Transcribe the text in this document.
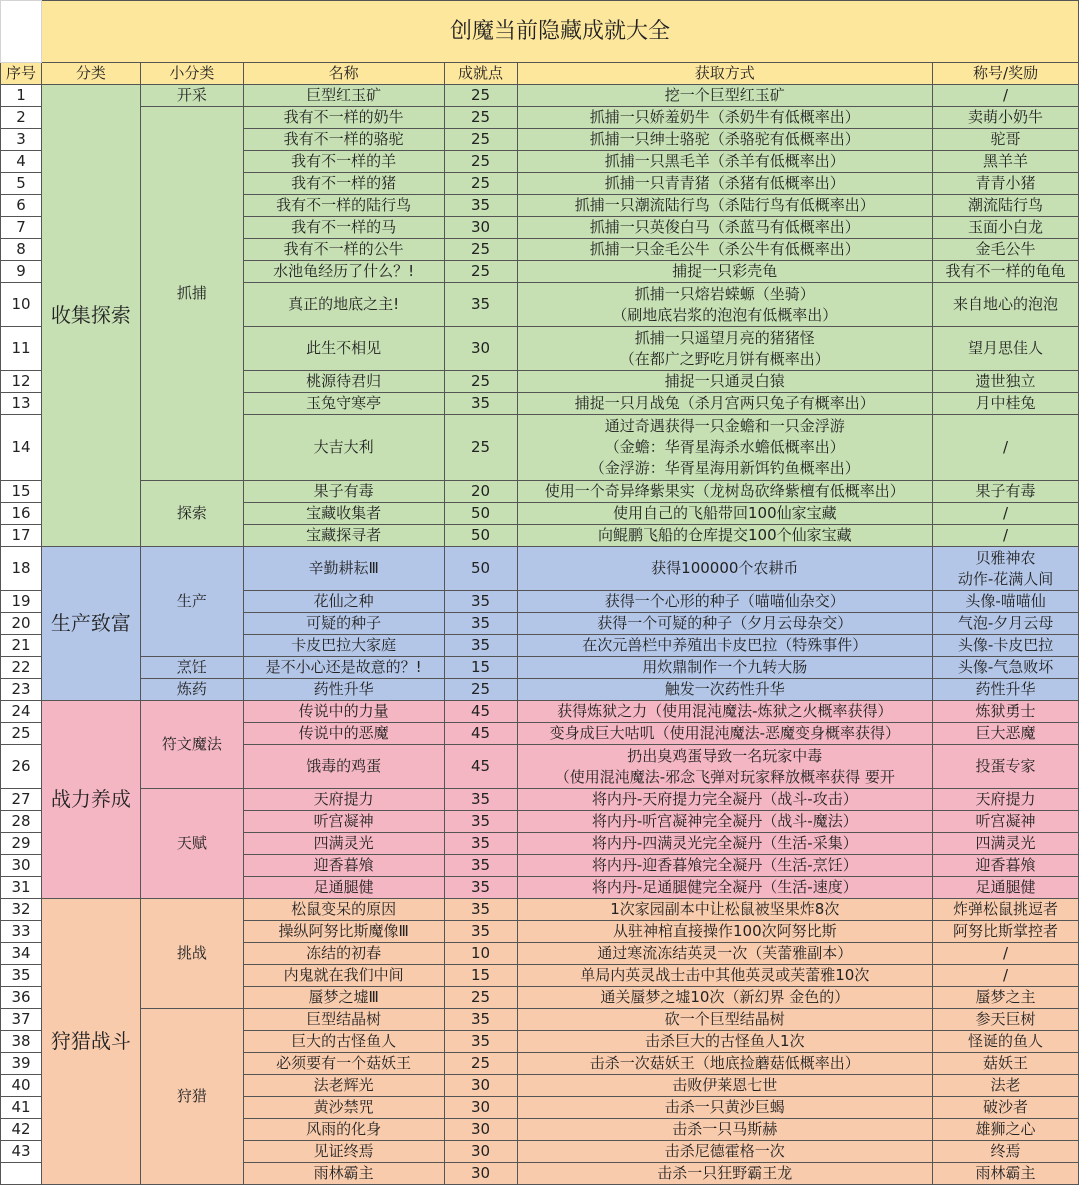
	创魔当前隐藏成就大全					
序号	分类	小分类	名称	成就点	获取方式	称号/奖励
1	收集探索	开采	巨型红玉矿	25	挖一个巨型红玉矿	/
2		抓捕	我有不一样的奶牛	25	抓捕一只娇羞奶牛（杀奶牛有低概率出）	卖萌小奶牛
3			我有不一样的骆驼	25	抓捕一只绅士骆驼（杀骆驼有低概率出）	驼哥
4			我有不一样的羊	25	抓捕一只黑毛羊（杀羊有低概率出）	黑羊羊
5			我有不一样的猪	25	抓捕一只青青猪（杀猪有低概率出）	青青小猪
6			我有不一样的陆行鸟	35	抓捕一只潮流陆行鸟（杀陆行鸟有低概率出）	潮流陆行鸟
7			我有不一样的马	30	抓捕一只英俊白马（杀蓝马有低概率出）	玉面小白龙
8			我有不一样的公牛	25	抓捕一只金毛公牛（杀公牛有低概率出）	金毛公牛
9			水池龟经历了什么？!	25	捕捉一只彩壳龟	我有不一样的龟龟
10			真正的地底之主!	35	抓捕一只熔岩蝾螈（坐骑）
（刷地底岩浆的泡泡有低概率出）	来自地心的泡泡
11			此生不相见	30	抓捕一只遥望月亮的猪猪怪
（在都广之野吃月饼有概率出）	望月思佳人
12			桃源待君归	25	捕捉一只通灵白猿	遗世独立
13			玉兔守寒亭	35	捕捉一只月战兔（杀月宫两只兔子有概率出）	月中桂兔
14			大吉大利	25	通过奇遇获得一只金蟾和一只金浮游
（金蟾：华胥星海杀水蟾低概率出）
（金浮游：华胥星海用新饵钓鱼概率出）	/
15		探索	果子有毒	20	使用一个奇异绛紫果实（龙树岛砍绛紫檀有低概率出）	果子有毒
16			宝藏收集者	50	使用自己的飞船带回100仙家宝藏	/
17			宝藏探寻者	50	向鲲鹏飞船的仓库提交100个仙家宝藏	/
18	生产致富	生产	辛勤耕耘Ⅲ	50	获得100000个农耕币	贝雅神农
动作-花满人间
19			花仙之种	35	获得一个心形的种子（喵喵仙杂交）	头像-喵喵仙
20			可疑的种子	35	获得一个可疑的种子（夕月云母杂交）	气泡-夕月云母
21			卡皮巴拉大家庭	35	在次元兽栏中养殖出卡皮巴拉（特殊事件）	头像-卡皮巴拉
22		烹饪	是不小心还是故意的？!	15	用炊鼎制作一个九转大肠	头像-气急败坏
23		炼药	药性升华	25	触发一次药性升华	药性升华
24	战力养成	符文魔法	传说中的力量	45	获得炼狱之力（使用混沌魔法-炼狱之火概率获得）	炼狱勇士
25			传说中的恶魔	45	变身成巨大咕叽（使用混沌魔法-恶魔变身概率获得）	巨大恶魔
26			饿毒的鸡蛋	45	扔出臭鸡蛋导致一名玩家中毒
（使用混沌魔法-邪念飞弹对玩家释放概率获得 要开	投蛋专家
27		天赋	天府提力	35	将内丹-天府提力完全凝丹（战斗-攻击）	天府提力
28			听宫凝神	35	将内丹-听宫凝神完全凝丹（战斗-魔法）	听宫凝神
29			四满灵光	35	将内丹-四满灵光完全凝丹（生活-采集）	四满灵光
30			迎香暮飧	35	将内丹-迎香暮飧完全凝丹（生活-烹饪）	迎香暮飧
31			足通腿健	35	将内丹-足通腿健完全凝丹（生活-速度）	足通腿健
32	狩猎战斗	挑战	松鼠变呆的原因	35	1次家园副本中让松鼠被坚果炸8次	炸弹松鼠挑逗者
33			操纵阿努比斯魔像Ⅲ	35	从驻神棺直接操作100次阿努比斯	阿努比斯掌控者
34			冻结的初春	10	通过寒流冻结英灵一次（芙蕾雅副本）	/
35			内鬼就在我们中间	15	单局内英灵战士击中其他英灵或芙蕾雅10次	/
36			蜃梦之墟Ⅲ	25	通关蜃梦之墟10次（新幻界 金色的）	蜃梦之主
37		狩猎	巨型结晶树	35	砍一个巨型结晶树	参天巨树
38			巨大的古怪鱼人	35	击杀巨大的古怪鱼人1次	怪诞的鱼人
39			必须要有一个菇妖王	25	击杀一次菇妖王（地底捡蘑菇低概率出）	菇妖王
40			法老辉光	30	击败伊莱恩七世	法老
41			黄沙禁咒	30	击杀一只黄沙巨蝎	破沙者
42			风雨的化身	30	击杀一只马斯赫	雄狮之心
43			见证终焉	30	击杀尼德霍格一次	终焉
			雨林霸主	30	击杀一只狂野霸王龙	雨林霸主
